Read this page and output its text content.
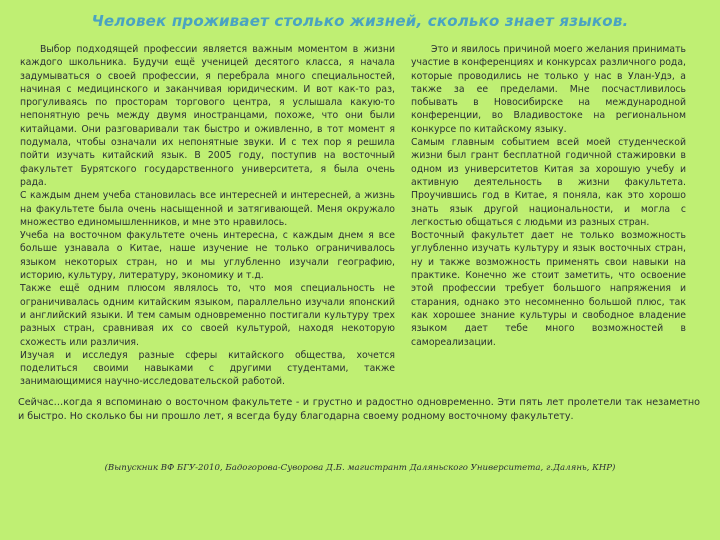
Человек проживает столько жизней, сколько знает языков.

Выбор подходящей профессии является важным моментом в жизни каждого школьника. Будучи ещё ученицей десятого класса, я начала задумываться о своей профессии, я перебрала много специальностей, начиная с медицинского и заканчивая юридическим. И вот как-то раз, прогуливаясь по просторам торгового центра, я услышала какую-то непонятную речь между двумя иностранцами, похоже, что они были китайцами. Они разговаривали так быстро и оживленно, в тот момент я подумала, чтобы означали их непонятные звуки. И с тех пор я решила пойти изучать китайский язык. В 2005 году, поступив на восточный факультет Бурятского государственного университета, я была очень рада.

С каждым днем учеба становилась все интересней и интересней, а жизнь на факультете была очень насыщенной и затягивающей. Меня окружало множество единомышленников, и мне это нравилось.

Учеба на восточном факультете очень интересна, с каждым днем я все больше узнавала о Китае, наше изучение не только ограничивалось языком некоторых стран, но и мы углубленно изучали географию, историю, культуру, литературу, экономику и т.д.

Также ещё одним плюсом являлось то, что моя специальность не ограничивалась одним китайским языком, параллельно изучали японский и английский языки. И тем самым одновременно постигали культуру трех разных стран, сравнивая их со своей культурой, находя некоторую схожесть или различия.

Изучая и исследуя разные сферы китайского общества, хочется поделиться своими навыками с другими студентами, также занимающимися научно-исследовательской работой.

Это и явилось причиной моего желания принимать участие в конференциях и конкурсах различного рода, которые проводились не только у нас в Улан-Удэ, а также за ее пределами. Мне посчастливилось побывать в Новосибирске на международной конференции, во Владивостоке на региональном конкурсе по китайскому языку.

Самым главным событием всей моей студенческой жизни был грант бесплатной годичной стажировки в одном из университетов Китая за хорошую учебу и активную деятельность в жизни факультета. Проучившись год в Китае, я поняла, как это хорошо знать язык другой национальности, и могла с легкостью общаться с людьми из разных стран.

Восточный факультет дает не только возможность углубленно изучать культуру и язык восточных стран, ну и также возможность применять свои навыки на практике. Конечно же стоит заметить, что освоение этой профессии требует большого напряжения и старания, однако это несомненно большой плюс, так как хорошее знание культуры и свободное владение языком дает тебе много возможностей в самореализации.

Сейчас…когда я вспоминаю о восточном факультете - и грустно и радостно одновременно. Эти пять лет пролетели так незаметно и быстро. Но сколько бы ни прошло лет, я всегда буду благодарна своему родному восточному факультету.

(Выпускник ВФ БГУ-2010, Бадогорова-Суворова Д.Б. магистрант Даляньского Университета, г.Далянь, КНР)
